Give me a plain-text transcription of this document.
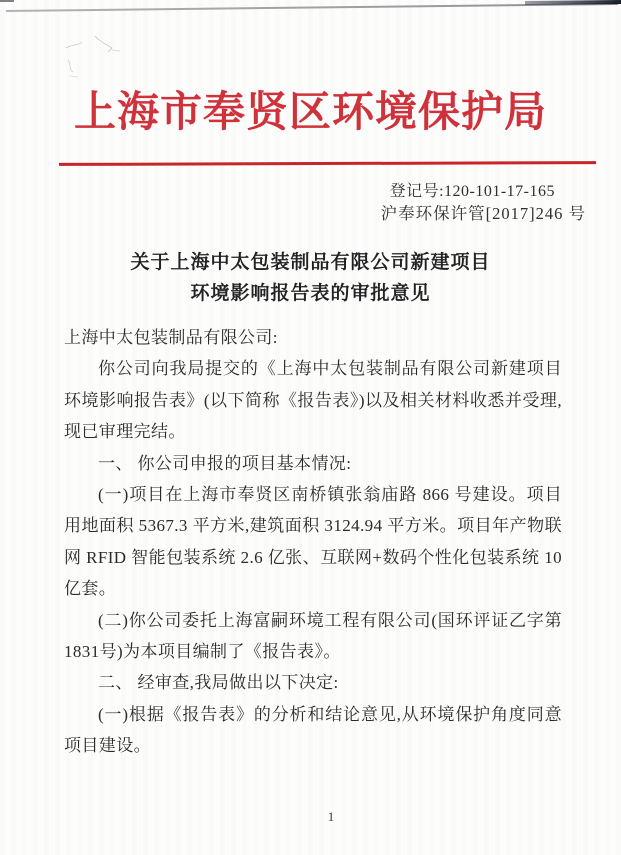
上海市奉贤区环境保护局
登记号:120-101-17-165
沪奉环保许管[2017]246 号
关于上海中太包装制品有限公司新建项目
环境影响报告表的审批意见

上海中太包装制品有限公司:

你公司向我局提交的《上海中太包装制品有限公司新建项目环境影响报告表》(以下简称《报告表》)以及相关材料收悉并受理,现已审理完结。

一、 你公司申报的项目基本情况:

(一)项目在上海市奉贤区南桥镇张翁庙路 866 号建设。项目用地面积 5367.3 平方米,建筑面积 3124.94 平方米。项目年产物联网 RFID 智能包装系统 2.6 亿张、互联网+数码个性化包装系统 10 亿套。

(二)你公司委托上海富嗣环境工程有限公司(国环评证乙字第1831号)为本项目编制了《报告表》。

二、 经审查,我局做出以下决定:

(一)根据《报告表》的分析和结论意见,从环境保护角度同意项目建设。

1
